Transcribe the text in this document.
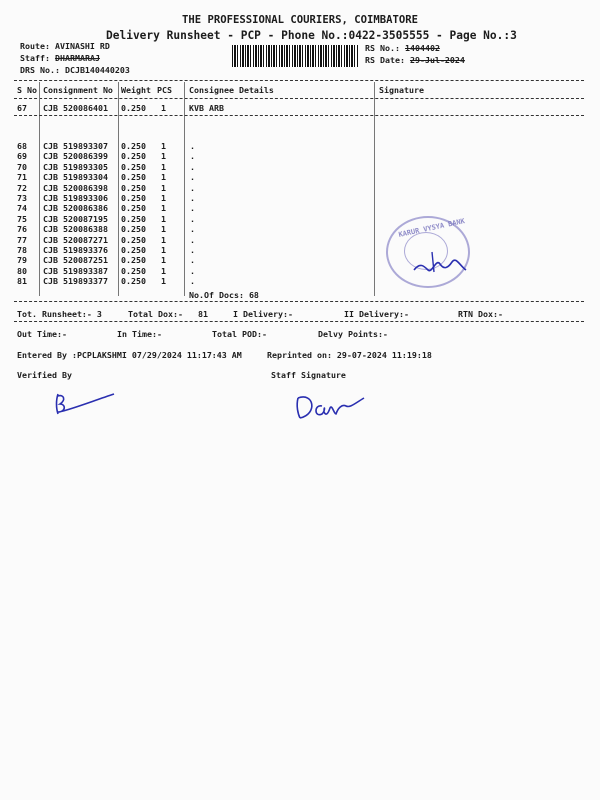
THE PROFESSIONAL COURIERS, COIMBATORE
Delivery Runsheet - PCP - Phone No.:0422-3505555 - Page No.:3
Route: AVINASHI RD
Staff: DHARMARAJ
DRS No.: DCJB140440203
RS No.: 1404402
RS Date: 29-Jul-2024
S No Consignment No Weight PCS Consignee Details	Signature
67 CJB 520086401 0.250 1	KVB ARB
68 CJB 519893307 0.250 1	.
69 CJB 520086399 0.250 1	.
70 CJB 519893305 0.250 1	.
71 CJB 519893304 0.250 1	.
72 CJB 520086398 0.250 1	.
73 CJB 519893306 0.250 1	.
74 CJB 520086386 0.250 1	.
75 CJB 520087195 0.250 1	.
76 CJB 520086388 0.250 1	.
77 CJB 520087271 0.250 1	.
78 CJB 519893376 0.250 1	.
79 CJB 520087251 0.250 1	.
80 CJB 519893387 0.250 1	.
81 CJB 519893377 0.250 1	.
No.Of Docs: 68
KARUR VYSYA BANK
Tot. Runsheet:- 3	Total Dox:- 81	I Delivery:-	II Delivery:-	RTN Dox:-
Out Time:-	In Time:-	Total POD:-	Delvy Points:-
Entered By :PCPLAKSHMI 07/29/2024 11:17:43 AM	Reprinted on: 29-07-2024 11:19:18
Verified By	Staff Signature
